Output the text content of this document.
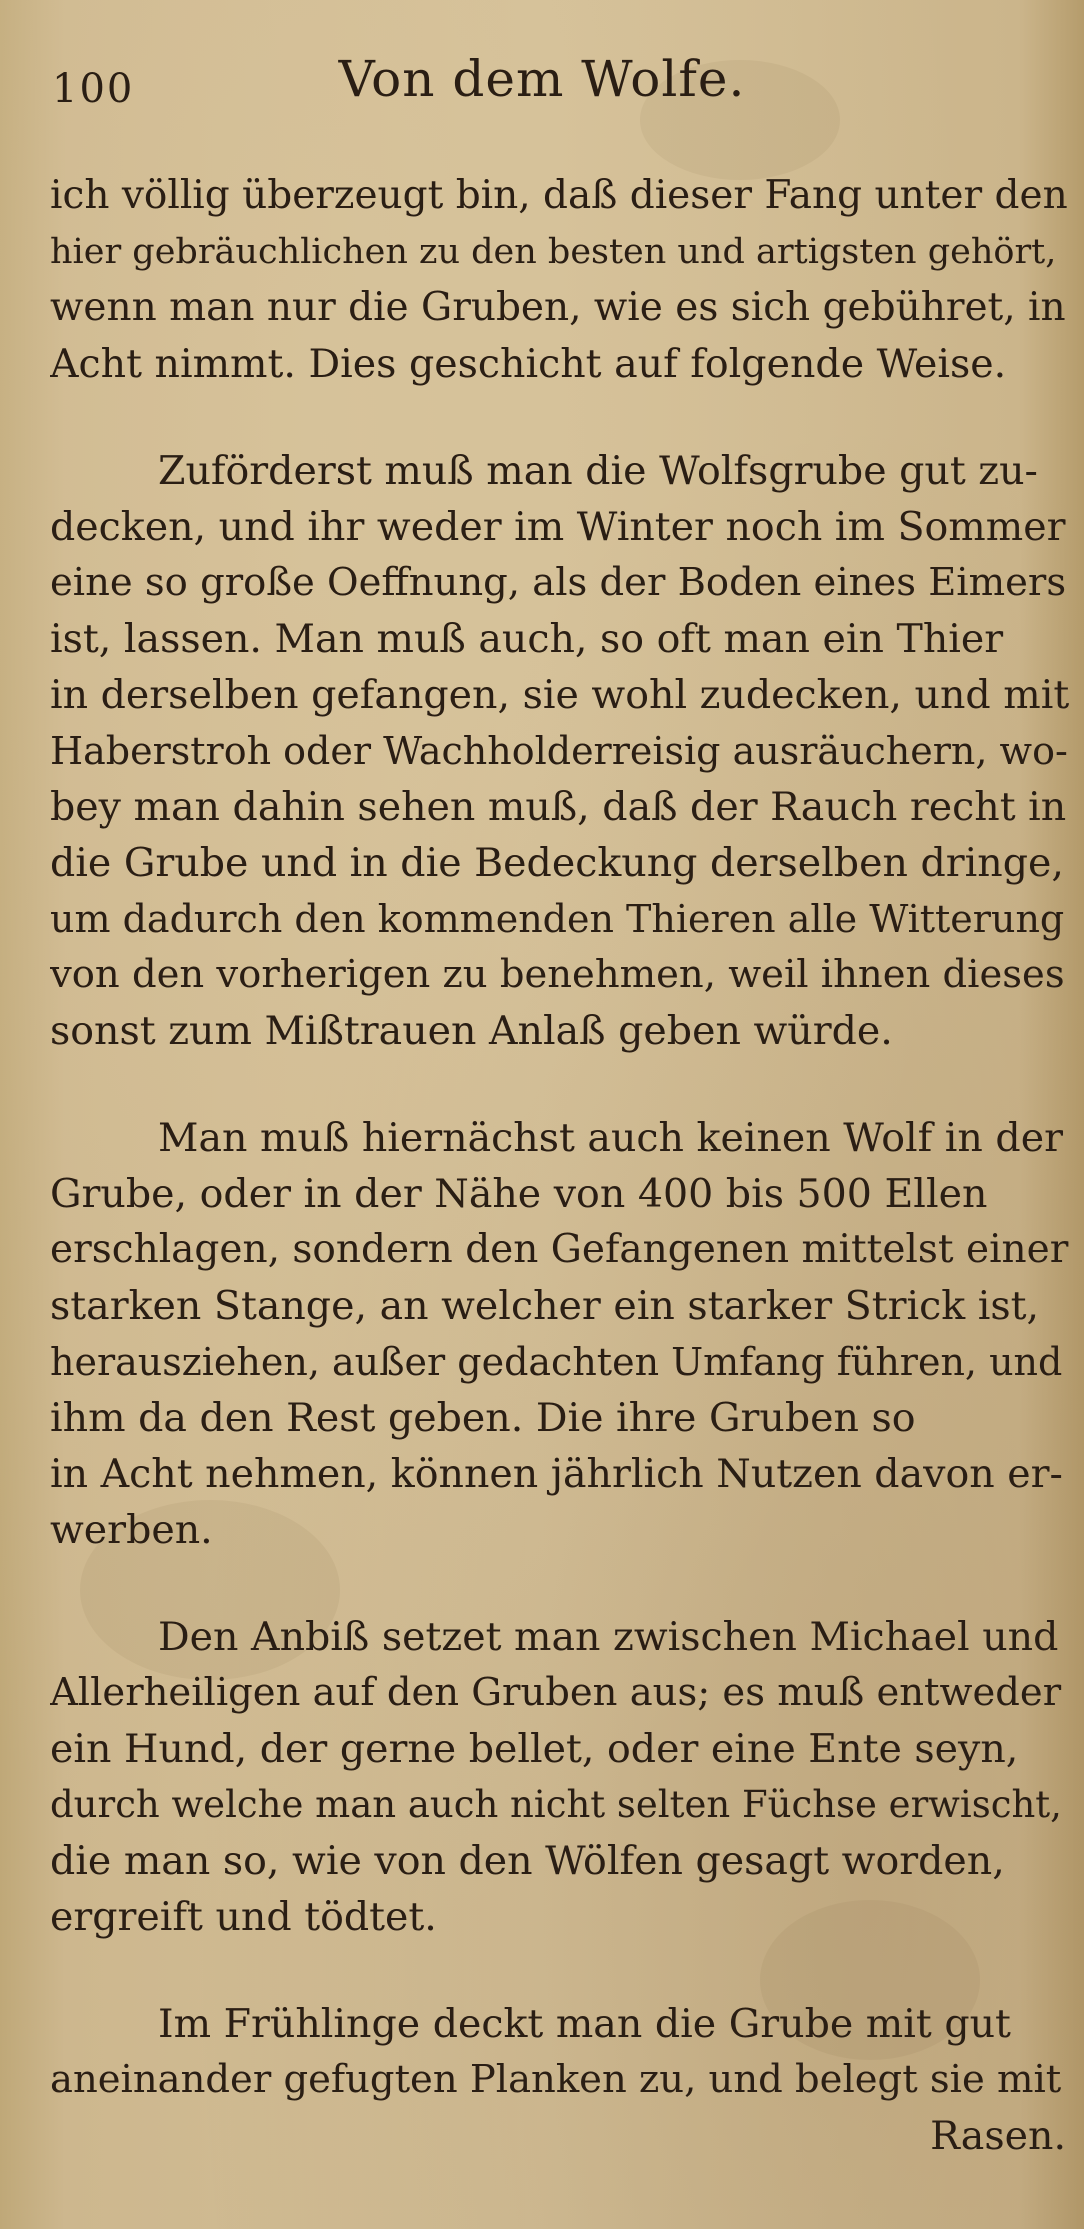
100	Von dem Wolfe.

ich völlig überzeugt bin, daß dieser Fang unter den
hier gebräuchlichen zu den besten und artigsten gehört,
wenn man nur die Gruben, wie es sich gebühret, in
Acht nimmt. Dies geschicht auf folgende Weise.

Zuförderst muß man die Wolfsgrube gut zu-
decken, und ihr weder im Winter noch im Sommer
eine so große Oeffnung, als der Boden eines Eimers
ist, lassen. Man muß auch, so oft man ein Thier
in derselben gefangen, sie wohl zudecken, und mit
Haberstroh oder Wachholderreisig ausräuchern, wo-
bey man dahin sehen muß, daß der Rauch recht in
die Grube und in die Bedeckung derselben dringe,
um dadurch den kommenden Thieren alle Witterung
von den vorherigen zu benehmen, weil ihnen dieses
sonst zum Mißtrauen Anlaß geben würde.

Man muß hiernächst auch keinen Wolf in der
Grube, oder in der Nähe von 400 bis 500 Ellen
erschlagen, sondern den Gefangenen mittelst einer
starken Stange, an welcher ein starker Strick ist,
herausziehen, außer gedachten Umfang führen, und
ihm da den Rest geben. Die ihre Gruben so
in Acht nehmen, können jährlich Nutzen davon er-
werben.

Den Anbiß setzet man zwischen Michael und
Allerheiligen auf den Gruben aus; es muß entweder
ein Hund, der gerne bellet, oder eine Ente seyn,
durch welche man auch nicht selten Füchse erwischt,
die man so, wie von den Wölfen gesagt worden,
ergreift und tödtet.

Im Frühlinge deckt man die Grube mit gut
aneinander gefugten Planken zu, und belegt sie mit
Rasen.
